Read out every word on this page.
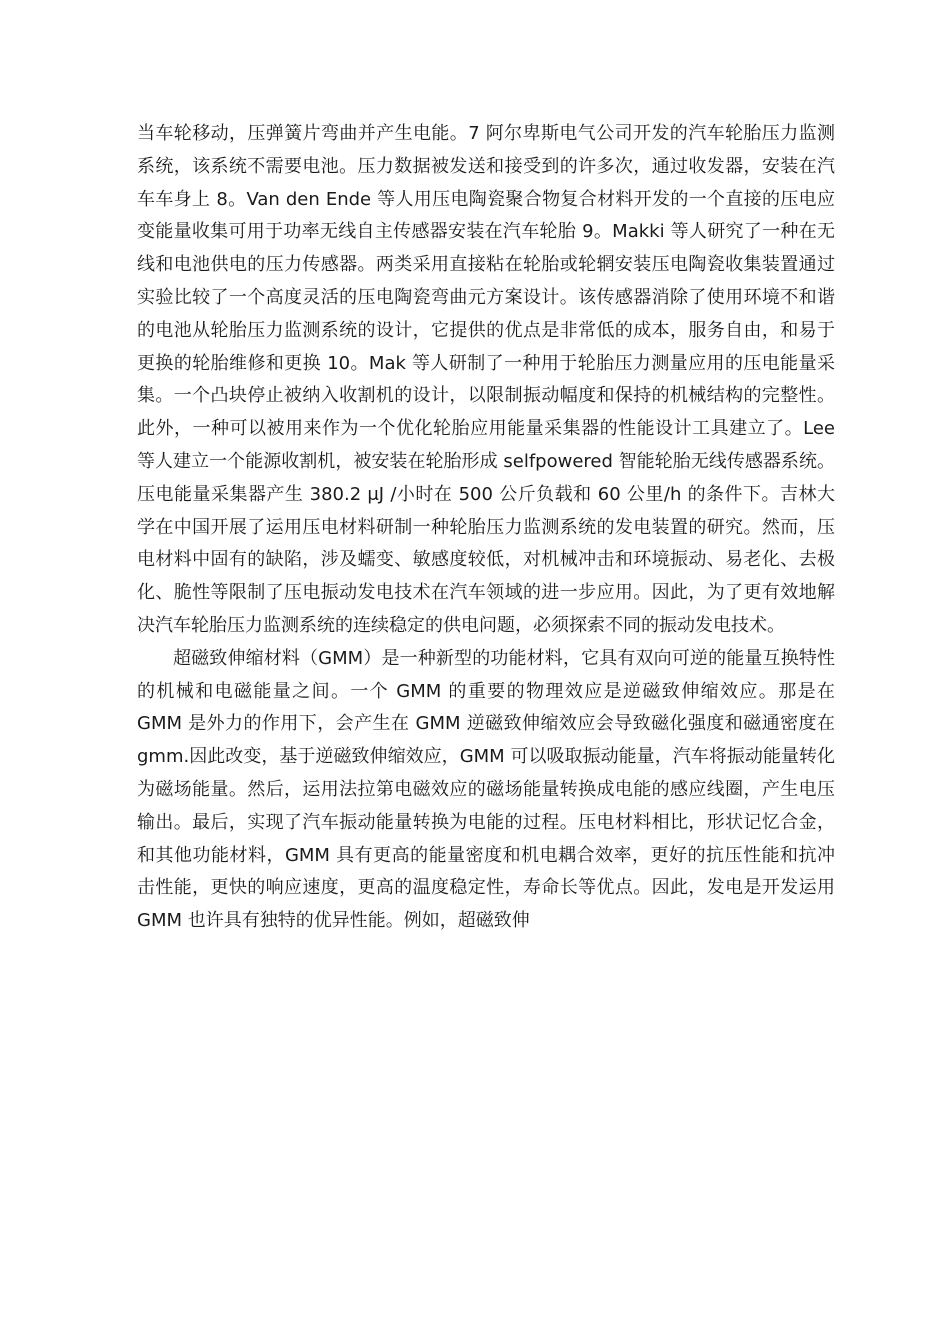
当车轮移动，压弹簧片弯曲并产生电能。7 阿尔卑斯电气公司开发的汽车轮胎压力监测系统，该系统不需要电池。压力数据被发送和接受到的许多次，通过收发器，安装在汽车车身上 8。Van den Ende 等人用压电陶瓷聚合物复合材料开发的一个直接的压电应变能量收集可用于功率无线自主传感器安装在汽车轮胎 9。Makki 等人研究了一种在无线和电池供电的压力传感器。两类采用直接粘在轮胎或轮辋安装压电陶瓷收集装置通过实验比较了一个高度灵活的压电陶瓷弯曲元方案设计。该传感器消除了使用环境不和谐的电池从轮胎压力监测系统的设计，它提供的优点是非常低的成本，服务自由，和易于更换的轮胎维修和更换 10。Mak 等人研制了一种用于轮胎压力测量应用的压电能量采集。一个凸块停止被纳入收割机的设计，以限制振动幅度和保持的机械结构的完整性。此外，一种可以被用来作为一个优化轮胎应用能量采集器的性能设计工具建立了。Lee 等人建立一个能源收割机，被安装在轮胎形成 selfpowered 智能轮胎无线传感器系统。压电能量采集器产生 380.2 μJ /小时在 500 公斤负载和 60 公里/h 的条件下。吉林大学在中国开展了运用压电材料研制一种轮胎压力监测系统的发电装置的研究。然而，压电材料中固有的缺陷，涉及蠕变、敏感度较低，对机械冲击和环境振动、易老化、去极化、脆性等限制了压电振动发电技术在汽车领域的进一步应用。因此，为了更有效地解决汽车轮胎压力监测系统的连续稳定的供电问题，必须探索不同的振动发电技术。

超磁致伸缩材料（GMM）是一种新型的功能材料，它具有双向可逆的能量互换特性的机械和电磁能量之间。一个 GMM 的重要的物理效应是逆磁致伸缩效应。那是在 GMM 是外力的作用下，会产生在 GMM 逆磁致伸缩效应会导致磁化强度和磁通密度在 gmm.因此改变，基于逆磁致伸缩效应，GMM 可以吸取振动能量，汽车将振动能量转化为磁场能量。然后，运用法拉第电磁效应的磁场能量转换成电能的感应线圈，产生电压输出。最后，实现了汽车振动能量转换为电能的过程。压电材料相比，形状记忆合金，和其他功能材料，GMM 具有更高的能量密度和机电耦合效率，更好的抗压性能和抗冲击性能，更快的响应速度，更高的温度稳定性，寿命长等优点。因此，发电是开发运用 GMM 也许具有独特的优异性能。例如，超磁致伸
